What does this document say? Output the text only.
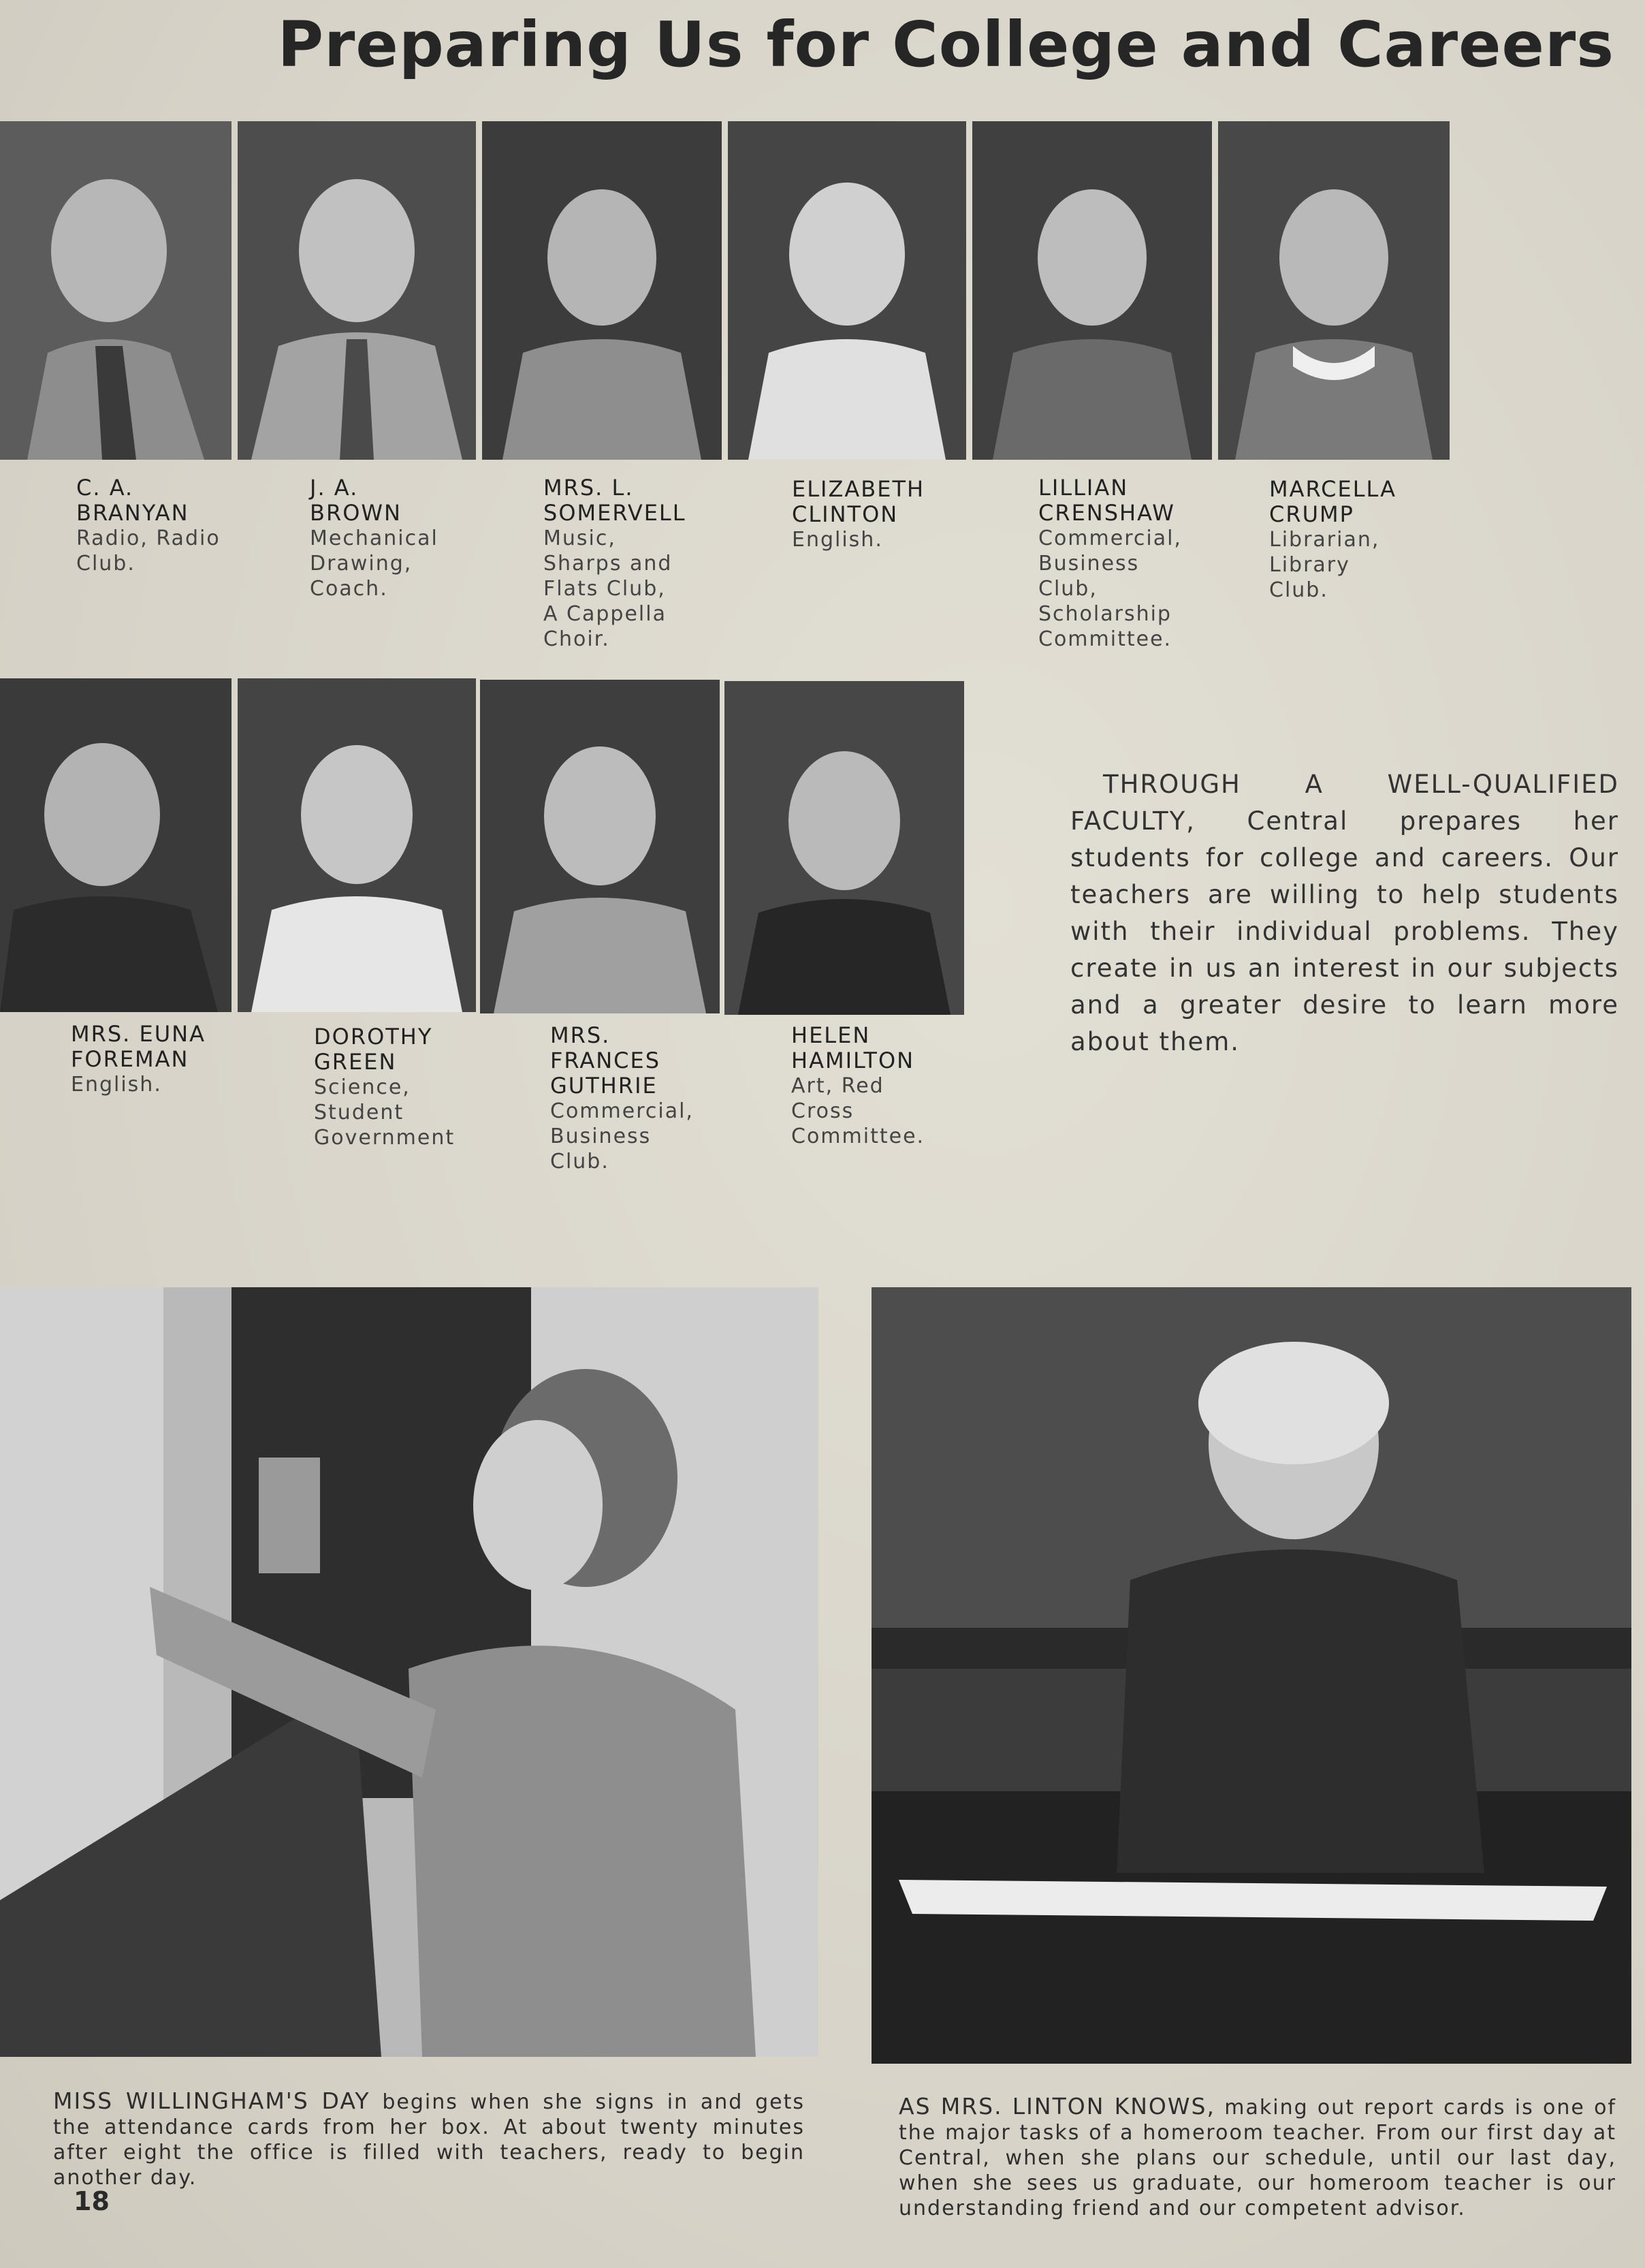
Preparing Us for College and Careers
C. A. BRANYAN
Radio, Radio Club.
J. A. BROWN
Mechanical Drawing, Coach.
MRS. L. SOMERVELL
Music, Sharps and Flats Club, A Cappella Choir.
ELIZABETH CLINTON
English.
LILLIAN CRENSHAW
Commercial, Business Club, Scholarship Committee.
MARCELLA CRUMP
Librarian, Library Club.
MRS. EUNA FOREMAN
English.
DOROTHY GREEN
Science, Student Government
MRS. FRANCES GUTHRIE
Commercial, Business Club.
HELEN HAMILTON
Art, Red Cross Committee.

THROUGH A WELL-QUALIFIED FACULTY, Central prepares her students for college and careers. Our teachers are willing to help students with their individual problems. They create in us an interest in our subjects and a greater desire to learn more about them.

MISS WILLINGHAM'S DAY begins when she signs in and gets the attendance cards from her box. At about twenty minutes after eight the office is filled with teachers, ready to begin another day.

AS MRS. LINTON KNOWS, making out report cards is one of the major tasks of a homeroom teacher. From our first day at Central, when she plans our schedule, until our last day, when she sees us graduate, our homeroom teacher is our understanding friend and our competent advisor.

18
